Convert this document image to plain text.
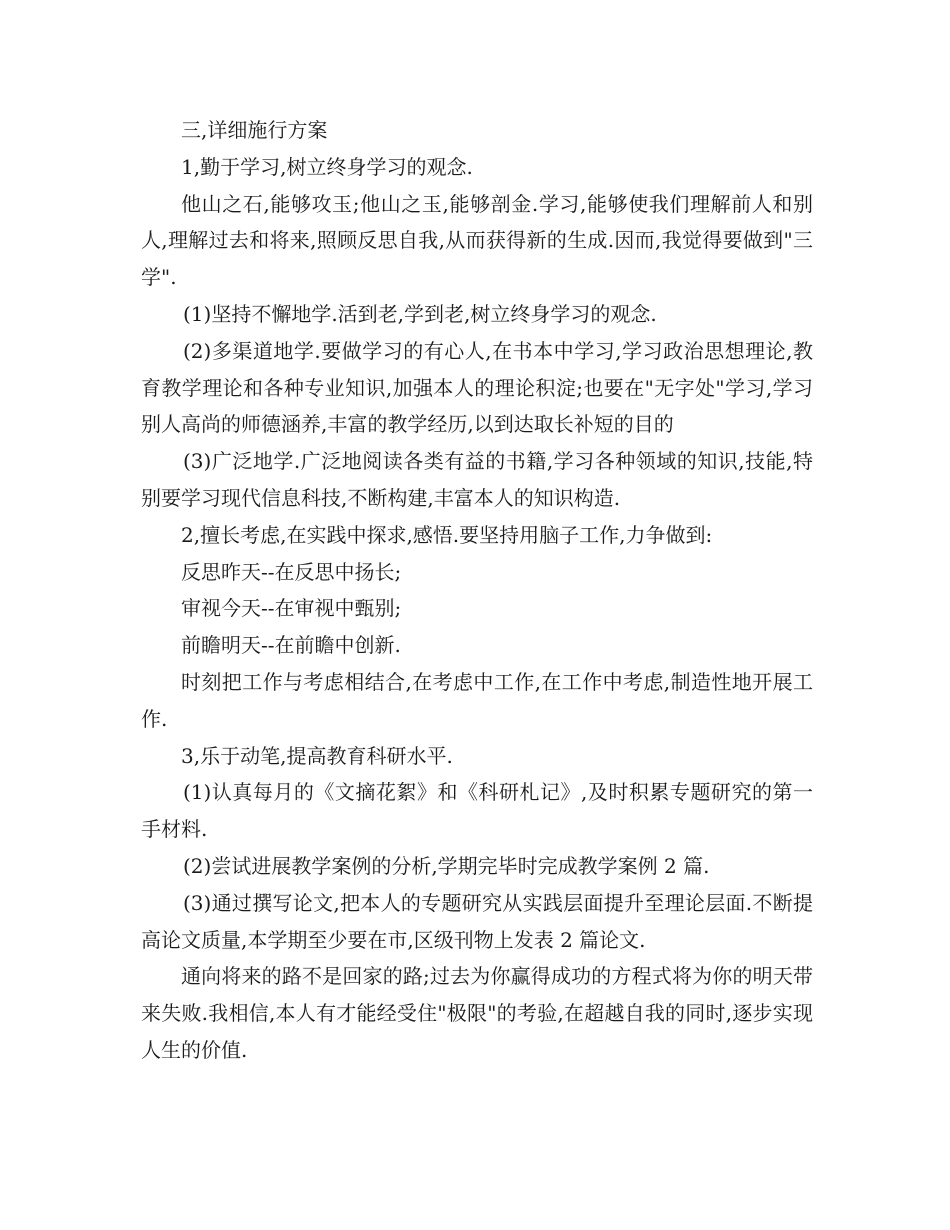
三,详细施行方案

1,勤于学习,树立终身学习的观念.

他山之石,能够攻玉;他山之玉,能够剖金.学习,能够使我们理解前人和别人,理解过去和将来,照顾反思自我,从而获得新的生成.因而,我觉得要做到"三学".

(1)坚持不懈地学.活到老,学到老,树立终身学习的观念.

(2)多渠道地学.要做学习的有心人,在书本中学习,学习政治思想理论,教育教学理论和各种专业知识,加强本人的理论积淀;也要在"无字处"学习,学习别人高尚的师德涵养,丰富的教学经历,以到达取长补短的目的

(3)广泛地学.广泛地阅读各类有益的书籍,学习各种领域的知识,技能,特别要学习现代信息科技,不断构建,丰富本人的知识构造.

2,擅长考虑,在实践中探求,感悟.要坚持用脑子工作,力争做到:

反思昨天--在反思中扬长;

审视今天--在审视中甄别;

前瞻明天--在前瞻中创新.

时刻把工作与考虑相结合,在考虑中工作,在工作中考虑,制造性地开展工作.

3,乐于动笔,提高教育科研水平.

(1)认真每月的《文摘花絮》和《科研札记》,及时积累专题研究的第一手材料.

(2)尝试进展教学案例的分析,学期完毕时完成教学案例 2 篇.

(3)通过撰写论文,把本人的专题研究从实践层面提升至理论层面.不断提高论文质量,本学期至少要在市,区级刊物上发表 2 篇论文.

通向将来的路不是回家的路;过去为你赢得成功的方程式将为你的明天带来失败.我相信,本人有才能经受住"极限"的考验,在超越自我的同时,逐步实现人生的价值.
